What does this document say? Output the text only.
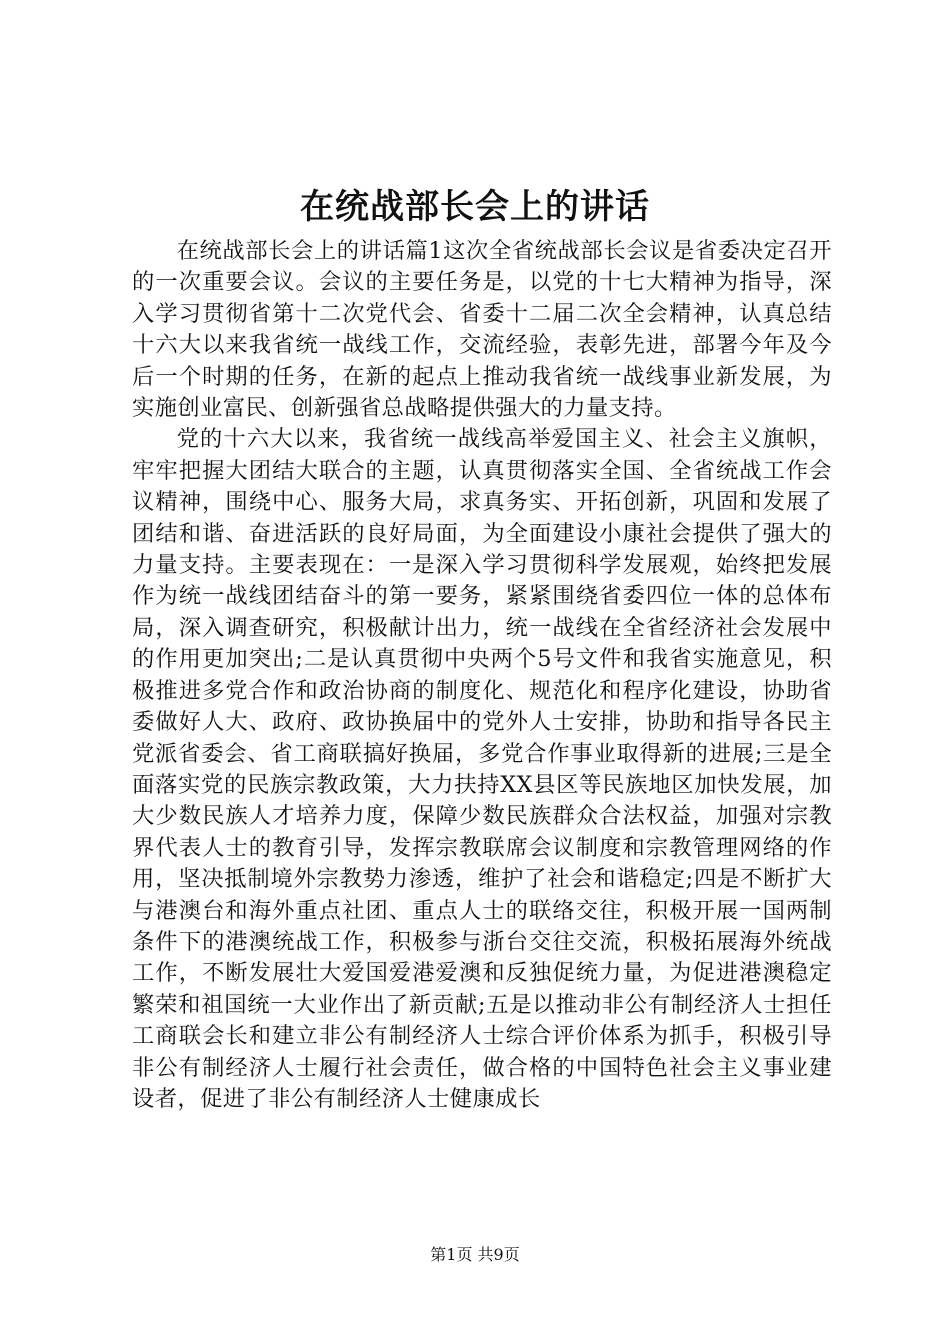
在统战部长会上的讲话

在统战部长会上的讲话篇1这次全省统战部长会议是省委决定召开的一次重要会议。会议的主要任务是，以党的十七大精神为指导，深入学习贯彻省第十二次党代会、省委十二届二次全会精神，认真总结十六大以来我省统一战线工作，交流经验，表彰先进，部署今年及今后一个时期的任务，在新的起点上推动我省统一战线事业新发展，为实施创业富民、创新强省总战略提供强大的力量支持。

党的十六大以来，我省统一战线高举爱国主义、社会主义旗帜，牢牢把握大团结大联合的主题，认真贯彻落实全国、全省统战工作会议精神，围绕中心、服务大局，求真务实、开拓创新，巩固和发展了团结和谐、奋进活跃的良好局面，为全面建设小康社会提供了强大的力量支持。主要表现在：一是深入学习贯彻科学发展观，始终把发展作为统一战线团结奋斗的第一要务，紧紧围绕省委四位一体的总体布局，深入调查研究，积极献计出力，统一战线在全省经济社会发展中的作用更加突出;二是认真贯彻中央两个5号文件和我省实施意见，积极推进多党合作和政治协商的制度化、规范化和程序化建设，协助省委做好人大、政府、政协换届中的党外人士安排，协助和指导各民主党派省委会、省工商联搞好换届，多党合作事业取得新的进展;三是全面落实党的民族宗教政策，大力扶持XX县区等民族地区加快发展，加大少数民族人才培养力度，保障少数民族群众合法权益，加强对宗教界代表人士的教育引导，发挥宗教联席会议制度和宗教管理网络的作用，坚决抵制境外宗教势力渗透，维护了社会和谐稳定;四是不断扩大与港澳台和海外重点社团、重点人士的联络交往，积极开展一国两制条件下的港澳统战工作，积极参与浙台交往交流，积极拓展海外统战工作，不断发展壮大爱国爱港爱澳和反独促统力量，为促进港澳稳定繁荣和祖国统一大业作出了新贡献;五是以推动非公有制经济人士担任工商联会长和建立非公有制经济人士综合评价体系为抓手，积极引导非公有制经济人士履行社会责任，做合格的中国特色社会主义事业建设者，促进了非公有制经济人士健康成长

第1页 共9页
